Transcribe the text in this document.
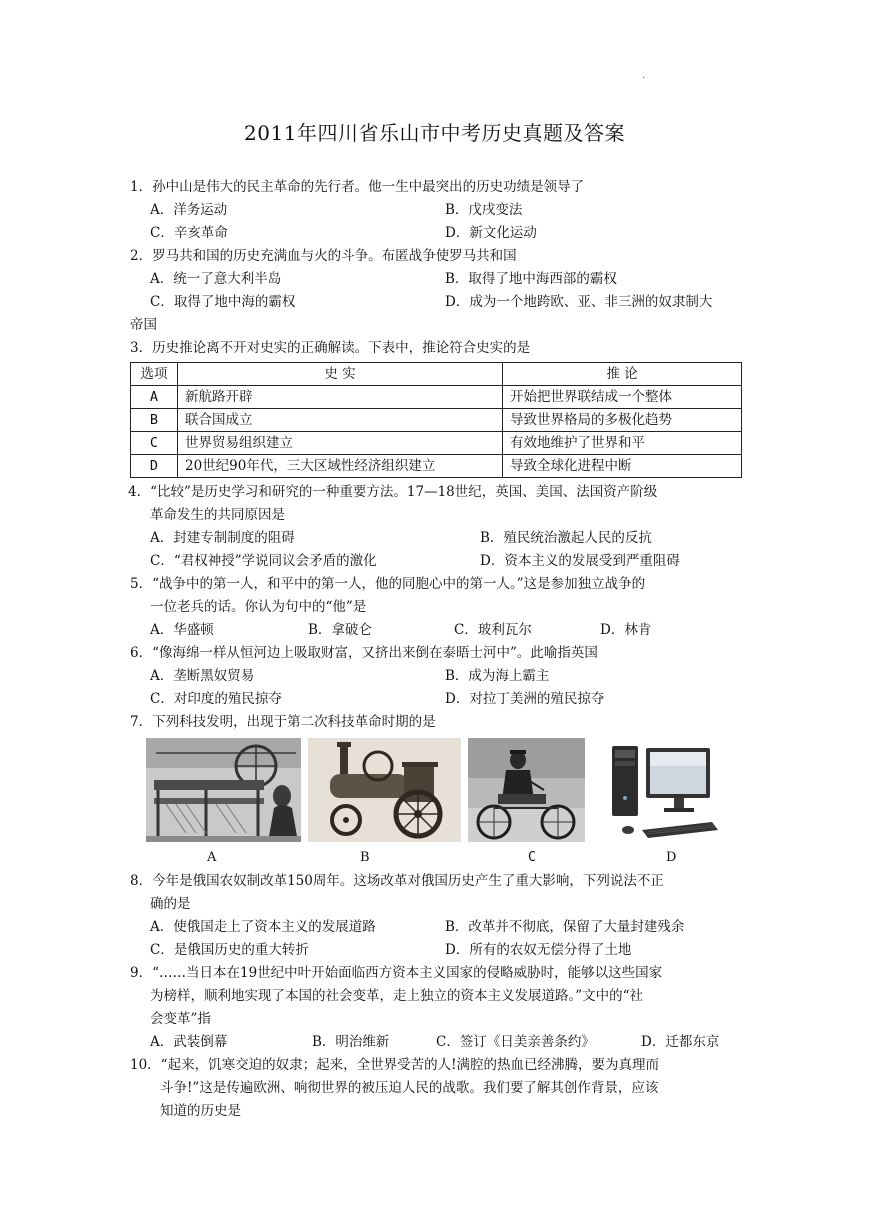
.
2011年四川省乐山市中考历史真题及答案
1．孙中山是伟大的民主革命的先行者。他一生中最突出的历史功绩是领导了
A．洋务运动	B．戊戌变法
C．辛亥革命	D．新文化运动
2．罗马共和国的历史充满血与火的斗争。布匿战争使罗马共和国
A．统一了意大利半岛	B．取得了地中海西部的霸权
C．取得了地中海的霸权	D．成为一个地跨欧、亚、非三洲的奴隶制大
帝国
3．历史推论离不开对史实的正确解读。下表中，推论符合史实的是
选项	史 实	推 论
A	新航路开辟	开始把世界联结成一个整体
B	联合国成立	导致世界格局的多极化趋势
C	世界贸易组织建立	有效地维护了世界和平
D	20世纪90年代，三大区域性经济组织建立	导致全球化进程中断
4．“比较”是历史学习和研究的一种重要方法。17—18世纪，英国、美国、法国资产阶级
革命发生的共同原因是
A．封建专制制度的阻碍	B．殖民统治激起人民的反抗
C．“君权神授”学说同议会矛盾的激化	D．资本主义的发展受到严重阻碍
5．“战争中的第一人，和平中的第一人，他的同胞心中的第一人。”这是参加独立战争的
一位老兵的话。你认为句中的“他”是
A．华盛顿	B．拿破仑	C．玻利瓦尔	D．林肯
6．“像海绵一样从恒河边上吸取财富，又挤出来倒在泰晤士河中”。此喻指英国
A．垄断黑奴贸易	B．成为海上霸主
C．对印度的殖民掠夺	D．对拉丁美洲的殖民掠夺
7．下列科技发明，出现于第二次科技革命时期的是
A	B	C	D
8．今年是俄国农奴制改革150周年。这场改革对俄国历史产生了重大影响，下列说法不正
确的是
A．使俄国走上了资本主义的发展道路	B．改革并不彻底，保留了大量封建残余
C．是俄国历史的重大转折	D．所有的农奴无偿分得了土地
9．“……当日本在19世纪中叶开始面临西方资本主义国家的侵略威胁时，能够以这些国家
为榜样，顺利地实现了本国的社会变革，走上独立的资本主义发展道路。”文中的“社
会变革”指
A．武装倒幕	B．明治维新	C．签订《日美亲善条约》	D．迁都东京
10．“起来，饥寒交迫的奴隶；起来，全世界受苦的人!满腔的热血已经沸腾，要为真理而
斗争!”这是传遍欧洲、响彻世界的被压迫人民的战歌。我们要了解其创作背景，应该
知道的历史是
